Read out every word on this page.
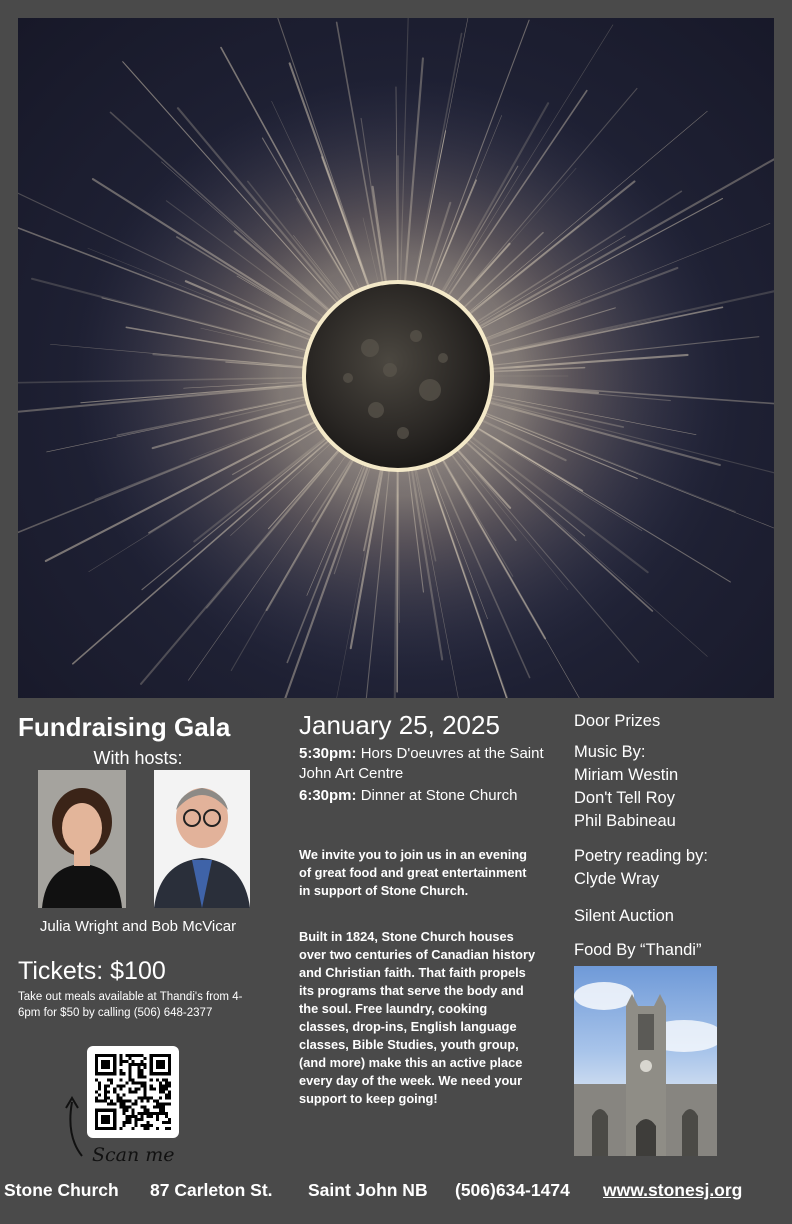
Fundraising Gala
With hosts:
Julia Wright and Bob McVicar
Tickets: $100
Take out meals available at Thandi's from 4-6pm for $50 by calling (506) 648-2377
Scan me
January 25, 2025
5:30pm: Hors D'oeuvres at the Saint John Art Centre
6:30pm: Dinner at Stone Church
We invite you to join us in an evening of great food and great entertainment in support of Stone Church.
Built in 1824, Stone Church houses over two centuries of Canadian history and Christian faith. That faith propels its programs that serve the body and the soul. Free laundry, cooking classes, drop-ins, English language classes, Bible Studies, youth group, (and more) make this an active place every day of the week. We need your support to keep going!
Door Prizes
Music By:
Miriam Westin
Don't Tell Roy
Phil Babineau
Poetry reading by:
Clyde Wray
Silent Auction
Food By “Thandi”
Stone Church 87 Carleton St. Saint John NB (506)634-1474 www.stonesj.org
